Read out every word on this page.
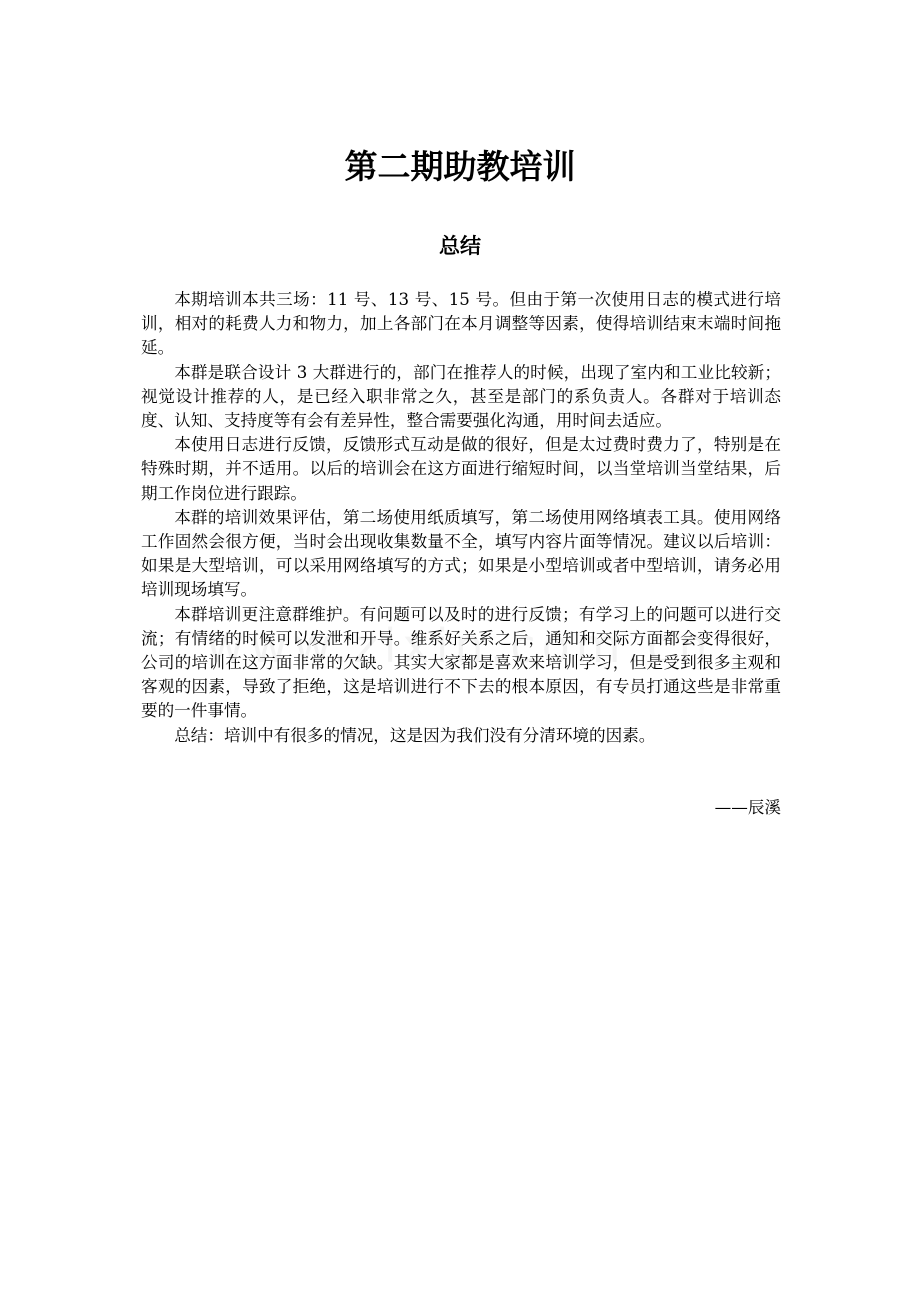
第二期助教培训
总结

本期培训本共三场：11 号、13 号、15 号。但由于第一次使用日志的模式进行培训，相对的耗费人力和物力，加上各部门在本月调整等因素，使得培训结束末端时间拖延。

本群是联合设计 3 大群进行的，部门在推荐人的时候，出现了室内和工业比较新；视觉设计推荐的人，是已经入职非常之久，甚至是部门的系负责人。各群对于培训态度、认知、支持度等有会有差异性，整合需要强化沟通，用时间去适应。

本使用日志进行反馈，反馈形式互动是做的很好，但是太过费时费力了，特别是在特殊时期，并不适用。以后的培训会在这方面进行缩短时间，以当堂培训当堂结果，后期工作岗位进行跟踪。

本群的培训效果评估，第二场使用纸质填写，第二场使用网络填表工具。使用网络工作固然会很方便，当时会出现收集数量不全，填写内容片面等情况。建议以后培训：如果是大型培训，可以采用网络填写的方式；如果是小型培训或者中型培训，请务必用培训现场填写。

本群培训更注意群维护。有问题可以及时的进行反馈；有学习上的问题可以进行交流；有情绪的时候可以发泄和开导。维系好关系之后，通知和交际方面都会变得很好，公司的培训在这方面非常的欠缺。其实大家都是喜欢来培训学习，但是受到很多主观和客观的因素，导致了拒绝，这是培训进行不下去的根本原因，有专员打通这些是非常重要的一件事情。

总结：培训中有很多的情况，这是因为我们没有分清环境的因素。

——辰溪
